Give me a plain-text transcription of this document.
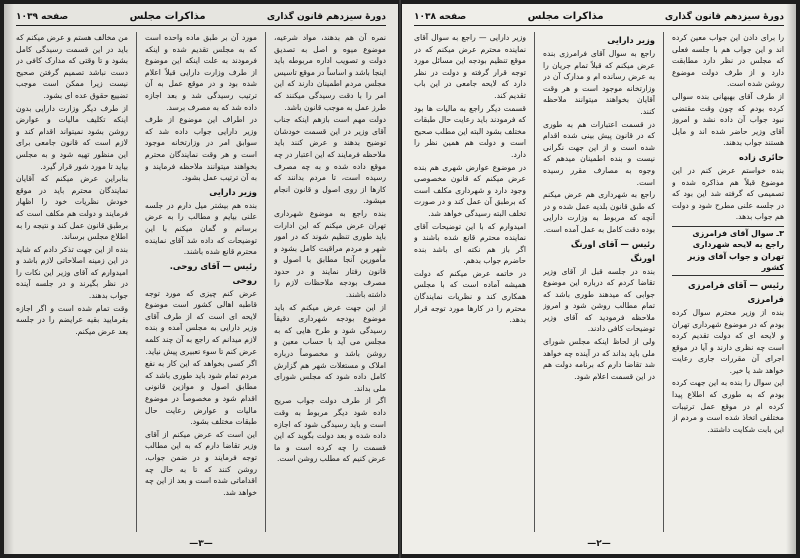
دورهٔ سیزدهم قانون گذاری
مذاکرات مجلس
صفحه ۱۰۳۹
نمره آن هم بدهند، مواد شرعیه، موضوع میوه و اصل به تصدیق دولت و تصویب اداره مربوطه باید اینجا باشد و اساساً در موقع تاسیس مجلس مردم اطمینان دارند که این امر را با دقت رسیدگی میکنند که طرز عمل به موجب قانون باشد.
دولت مهم است بازهم اینکه جناب آقای وزیر در این قسمت خودشان توضیح بدهند و عرض کنند باید ملاحظه فرمایند که این اعتبار در چه موقع داده شده و به چه مصرف رسیده است، تا مردم بدانند که کارها از روی اصول و قانون انجام میشود.
بنده راجع به موضوع شهرداری تهران عرض میکنم که این ادارات باید طوری تنظیم شوند که در امور شهر و مردم مراقبت کامل بشود و مأمورین آنجا مطابق با اصول و قانون رفتار نمایند و در حدود مصرف بودجه ملاحظات لازم را داشته باشند.
از این جهت عرض میکنم که باید موضوع بودجه شهرداری دقیقاً رسیدگی شود و طرح هایی که به مجلس می آید با حساب معین و روشن باشد و مخصوصاً درباره املاک و مستغلات شهر هم گزارش کامل داده شود که مجلس شورای ملی بداند.
اگر از طرف دولت جواب صریح داده شود دیگر مربوط به وقت است و باید رسیدگی شود که اجازه داده شده و بعد دولت بگوید که این قسمت را چه کرده است و ما عرض کنیم که مطلب روشن است.
مورد آن بر طبق ماده واحده است که به مجلس تقدیم شده و اینکه فرمودند به علت اینکه این موضوع از طرف وزارت دارایی قبلاً اعلام شده بود و در موقع عمل به آن ترتیب رسیدگی شد و بعد اجازه داده شد که به مصرف برسد.
در اطراف این موضوع از طرف وزیر دارایی جواب داده شد که سوابق امر در وزارتخانه موجود است و هر وقت نمایندگان محترم بخواهند میتوانند ملاحظه فرمایند و به آن ترتیب عمل بشود.
وزیر دارایی
بنده هم بیشتر میل دارم در جلسه علنی بیایم و مطالب را به عرض برسانم و گمان میکنم با این توضیحات که داده شد آقای نماینده محترم قانع شده باشند.
رئیس — آقای روحی.
روحی
عرض کنم چیزی که مورد توجه قاطبه اهالی کشور است موضوع لایحه ای است که از طرف آقای وزیر دارایی به مجلس آمده و بنده لازم میدانم که راجع به آن چند کلمه عرض کنم تا سوء تعبیری پیش نیاید.
اگر کسی بخواهد که این کار به نفع مردم تمام شود باید طوری باشد که مطابق اصول و موازین قانونی اقدام شود و مخصوصاً در موضوع مالیات و عوارض رعایت حال طبقات مختلف بشود.
این است که عرض میکنم از آقای وزیر تقاضا دارم که به این مطالب توجه فرمایند و در ضمن جواب، روشن کنند که تا به حال چه اقداماتی شده است و بعد از این چه خواهد شد.
من مخالف هستم و عرض میکنم که باید در این قسمت رسیدگی کامل بشود و تا وقتی که مدارک کافی در دست نباشد تصمیم گرفتن صحیح نیست زیرا ممکن است موجب تضییع حقوق عده ای بشود.
از طرف دیگر وزارت دارایی بدون اینکه تکلیف مالیات و عوارض روشن بشود نمیتواند اقدام کند و لازم است که قانون جامعی برای این منظور تهیه شود و به مجلس بیاید تا مورد شور قرار گیرد.
بنابراین عرض میکنم که آقایان نمایندگان محترم باید در موقع خودش نظریات خود را اظهار فرمایند و دولت هم مکلف است که برطبق قانون عمل کند و نتیجه را به اطلاع مجلس برساند.
بنده از این جهت تذکر دادم که شاید در این زمینه اصلاحاتی لازم باشد و امیدوارم که آقای وزیر این نکات را در نظر بگیرند و در جلسه آینده جواب بدهند.
وقت تمام شده است و اگر اجازه بفرمایید بقیه عرایضم را در جلسه بعد عرض میکنم.
—۳—
دورهٔ سیزدهم قانون گذاری
مذاکرات مجلس
صفحه ۱۰۳۸
را برای دادن این جواب معین کرده اند و این جواب هم با جلسه فعلی که مجلس در نظر دارد مطابقت دارد و از طرف دولت موضوع روشن شده است.
از طرف آقای بهبهانی بنده سوالی کرده بودم که چون وقت مقتضی نبود جواب آن داده نشد و امروز آقای وزیر حاضر شده اند و مایل هستند جواب بدهند.
حائری زاده
بنده خواستم عرض کنم در این موضوع قبلاً هم مذاکره شده و تصمیمی که گرفته شد این بود که در جلسه علنی مطرح شود و دولت هم جواب بدهد.
۳ـ سوال آقای فرامرزی راجع به لایحه شهرداری تهران و جواب آقای وزیر کشور
رئیس — آقای فرامرزی
فرامرزی
بنده از وزیر محترم سوال کرده بودم که در موضوع شهرداری تهران و لایحه ای که دولت تقدیم کرده است چه نظری دارند و آیا در موقع اجرای آن مقررات جاری رعایت خواهد شد یا خیر.
این سوال را بنده به این جهت کرده بودم که به طوری که اطلاع پیدا کرده ام در موقع عمل ترتیبات مختلفی اتخاذ شده است و مردم از این بابت شکایت داشتند.
وزیر دارایی
راجع به سوال آقای فرامرزی بنده عرض میکنم که قبلاً تمام جریان را به عرض رسانده ام و مدارک آن در وزارتخانه موجود است و هر وقت آقایان بخواهند میتوانند ملاحظه کنند.
در قسمت اعتبارات هم به طوری که در قانون پیش بینی شده اقدام شده است و از این جهت نگرانی نیست و بنده اطمینان میدهم که وجوه به مصارف مقرر رسیده است.
راجع به شهرداری هم عرض میکنم که طبق قانون بلدیه عمل شده و در آنچه که مربوط به وزارت دارایی بوده دقت کامل به عمل آمده است.
رئیس — آقای اورنگ
اورنگ
بنده در جلسه قبل از آقای وزیر تقاضا کردم که درباره این موضوع جوابی که میدهند طوری باشد که تمام مطالب روشن شود و امروز ملاحظه فرمودید که آقای وزیر توضیحات کافی دادند.
ولی از لحاظ اینکه مجلس شورای ملی باید بداند که در آینده چه خواهد شد تقاضا دارم که برنامه دولت هم در این قسمت اعلام شود.
وزیر دارایی — راجع به سوال آقای نماینده محترم عرض میکنم که در موقع تنظیم بودجه این مسائل مورد توجه قرار گرفته و دولت در نظر دارد که لایحه جامعی در این باب تقدیم کند.
قسمت دیگر راجع به مالیات ها بود که فرمودند باید رعایت حال طبقات مختلف بشود البته این مطلب صحیح است و دولت هم همین نظر را دارد.
در موضوع عوارض شهری هم بنده عرض میکنم که قانون مخصوصی وجود دارد و شهرداری مکلف است که برطبق آن عمل کند و در صورت تخلف البته رسیدگی خواهد شد.
امیدوارم که با این توضیحات آقای نماینده محترم قانع شده باشند و اگر باز هم نکته ای باشد بنده حاضرم جواب بدهم.
در خاتمه عرض میکنم که دولت همیشه آماده است که با مجلس همکاری کند و نظریات نمایندگان محترم را در کارها مورد توجه قرار بدهد.
—۲—
